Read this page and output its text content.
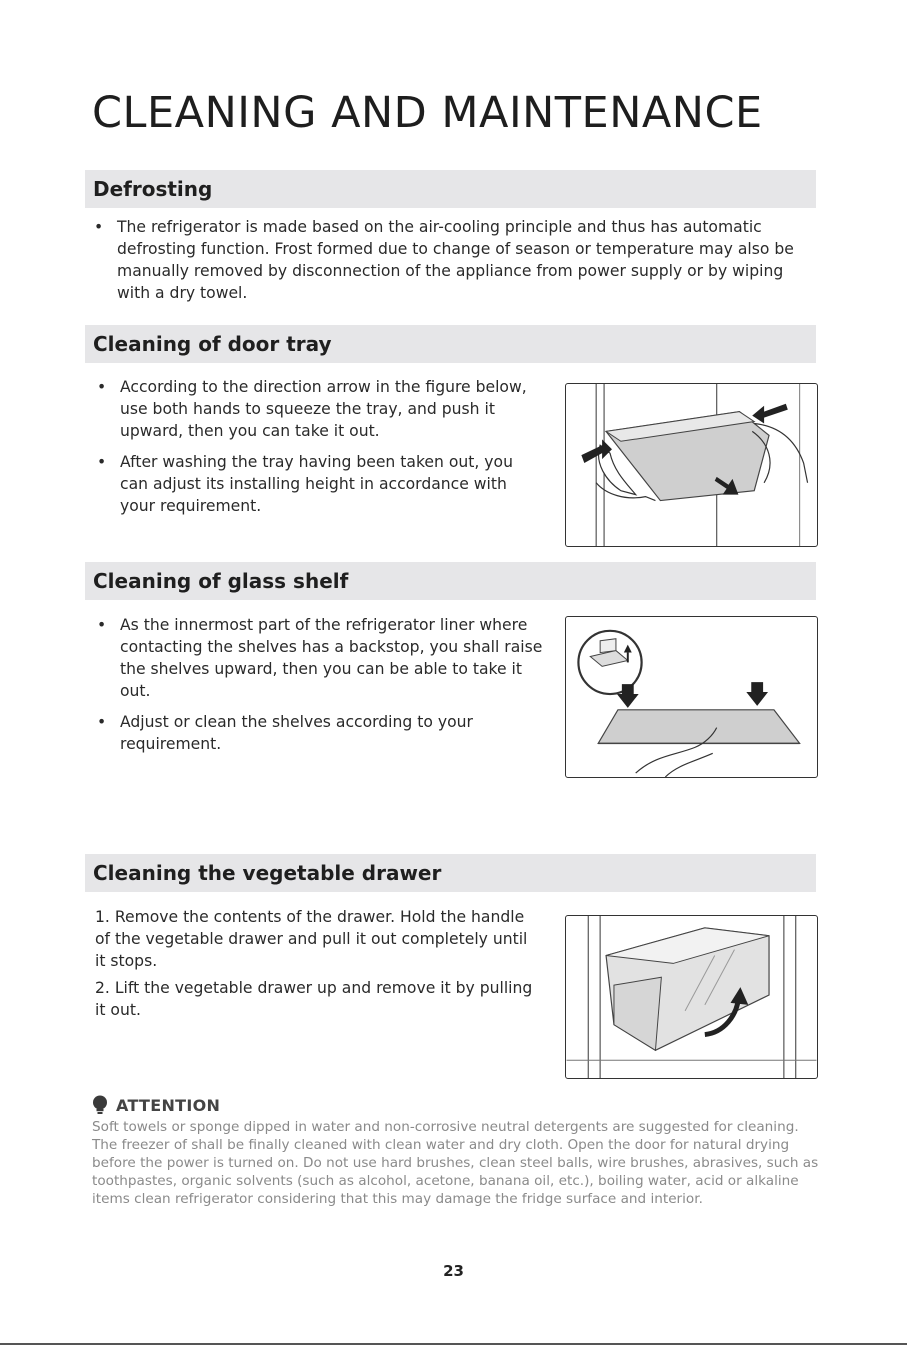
CLEANING AND MAINTENANCE
Defrosting
• The refrigerator is made based on the air-cooling principle and thus has automatic defrosting function. Frost formed due to change of season or temperature may also be manually removed by disconnection of the appliance from power supply or by wiping with a dry towel.
Cleaning of door tray
• According to the direction arrow in the figure below, use both hands to squeeze the tray, and push it upward, then you can take it out.
• After washing the tray having been taken out, you can adjust its installing height in accordance with your requirement.
Cleaning of glass shelf
• As the innermost part of the refrigerator liner where contacting the shelves has a backstop, you shall raise the shelves upward, then you can be able to take it out.
• Adjust or clean the shelves according to your requirement.
Cleaning the vegetable drawer

1. Remove the contents of the drawer. Hold the handle of the vegetable drawer and pull it out completely until it stops.

2. Lift the vegetable drawer up and remove it by pulling it out.

ATTENTION

Soft towels or sponge dipped in water and non-corrosive neutral detergents are suggested for cleaning. The freezer of shall be finally cleaned with clean water and dry cloth. Open the door for natural drying before the power is turned on. Do not use hard brushes, clean steel balls, wire brushes, abrasives, such as toothpastes, organic solvents (such as alcohol, acetone, banana oil, etc.), boiling water, acid or alkaline items clean refrigerator considering that this may damage the fridge surface and interior.

23
